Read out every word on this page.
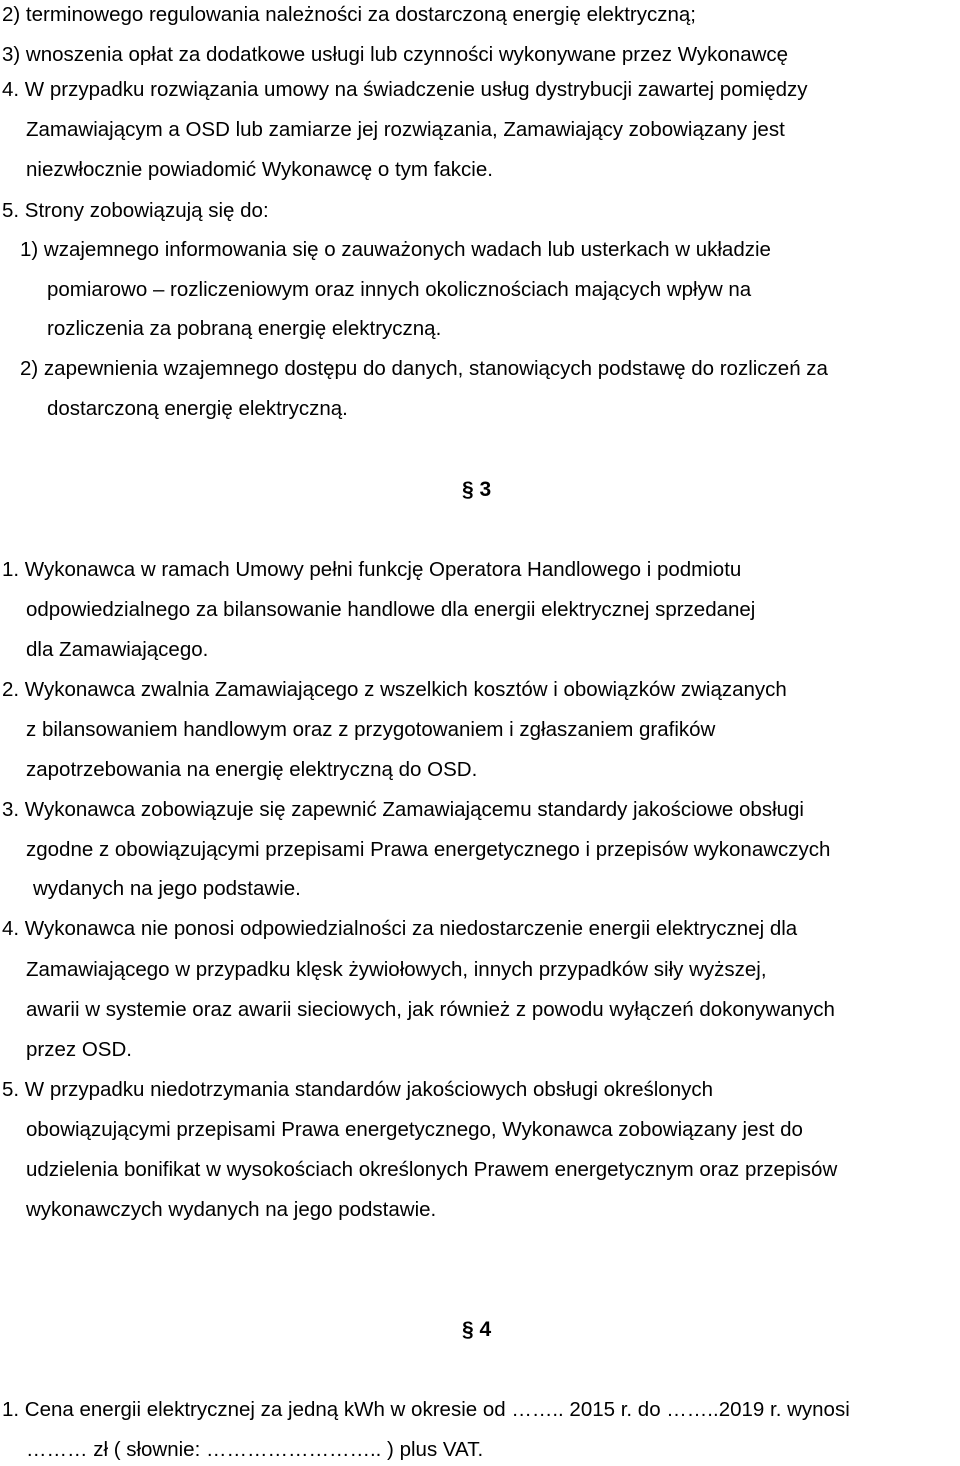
2) terminowego regulowania należności za dostarczoną energię elektryczną;

3) wnoszenia opłat za dodatkowe usługi lub czynności wykonywane przez Wykonawcę

4. W przypadku rozwiązania umowy na świadczenie usług dystrybucji zawartej pomiędzy

Zamawiającym a OSD lub zamiarze jej rozwiązania, Zamawiający zobowiązany jest

niezwłocznie powiadomić Wykonawcę o tym fakcie.

5. Strony zobowiązują się do:

1) wzajemnego informowania się o zauważonych wadach lub usterkach w układzie

pomiarowo – rozliczeniowym oraz innych okolicznościach mających wpływ na

rozliczenia za pobraną energię elektryczną.

2) zapewnienia wzajemnego dostępu do danych, stanowiących podstawę do rozliczeń za

dostarczoną energię elektryczną.

§ 3

1. Wykonawca w ramach Umowy pełni funkcję Operatora Handlowego i podmiotu

odpowiedzialnego za bilansowanie handlowe dla energii elektrycznej sprzedanej

dla Zamawiającego.

2. Wykonawca zwalnia Zamawiającego z wszelkich kosztów i obowiązków związanych

z bilansowaniem handlowym oraz z przygotowaniem i zgłaszaniem grafików

zapotrzebowania na energię elektryczną do OSD.

3. Wykonawca zobowiązuje się zapewnić Zamawiającemu standardy jakościowe obsługi

zgodne z obowiązującymi przepisami Prawa energetycznego i przepisów wykonawczych

wydanych na jego podstawie.

4. Wykonawca nie ponosi odpowiedzialności za niedostarczenie energii elektrycznej dla

Zamawiającego w przypadku klęsk żywiołowych, innych przypadków siły wyższej,

awarii w systemie oraz awarii sieciowych, jak również z powodu wyłączeń dokonywanych

przez OSD.

5. W przypadku niedotrzymania standardów jakościowych obsługi określonych

obowiązującymi przepisami Prawa energetycznego, Wykonawca zobowiązany jest do

udzielenia bonifikat w wysokościach określonych Prawem energetycznym oraz przepisów

wykonawczych wydanych na jego podstawie.

§ 4

1. Cena energii elektrycznej za jedną kWh w okresie od …….. 2015 r. do ……..2019 r. wynosi

……… zł ( słownie: …………………….. ) plus VAT.
